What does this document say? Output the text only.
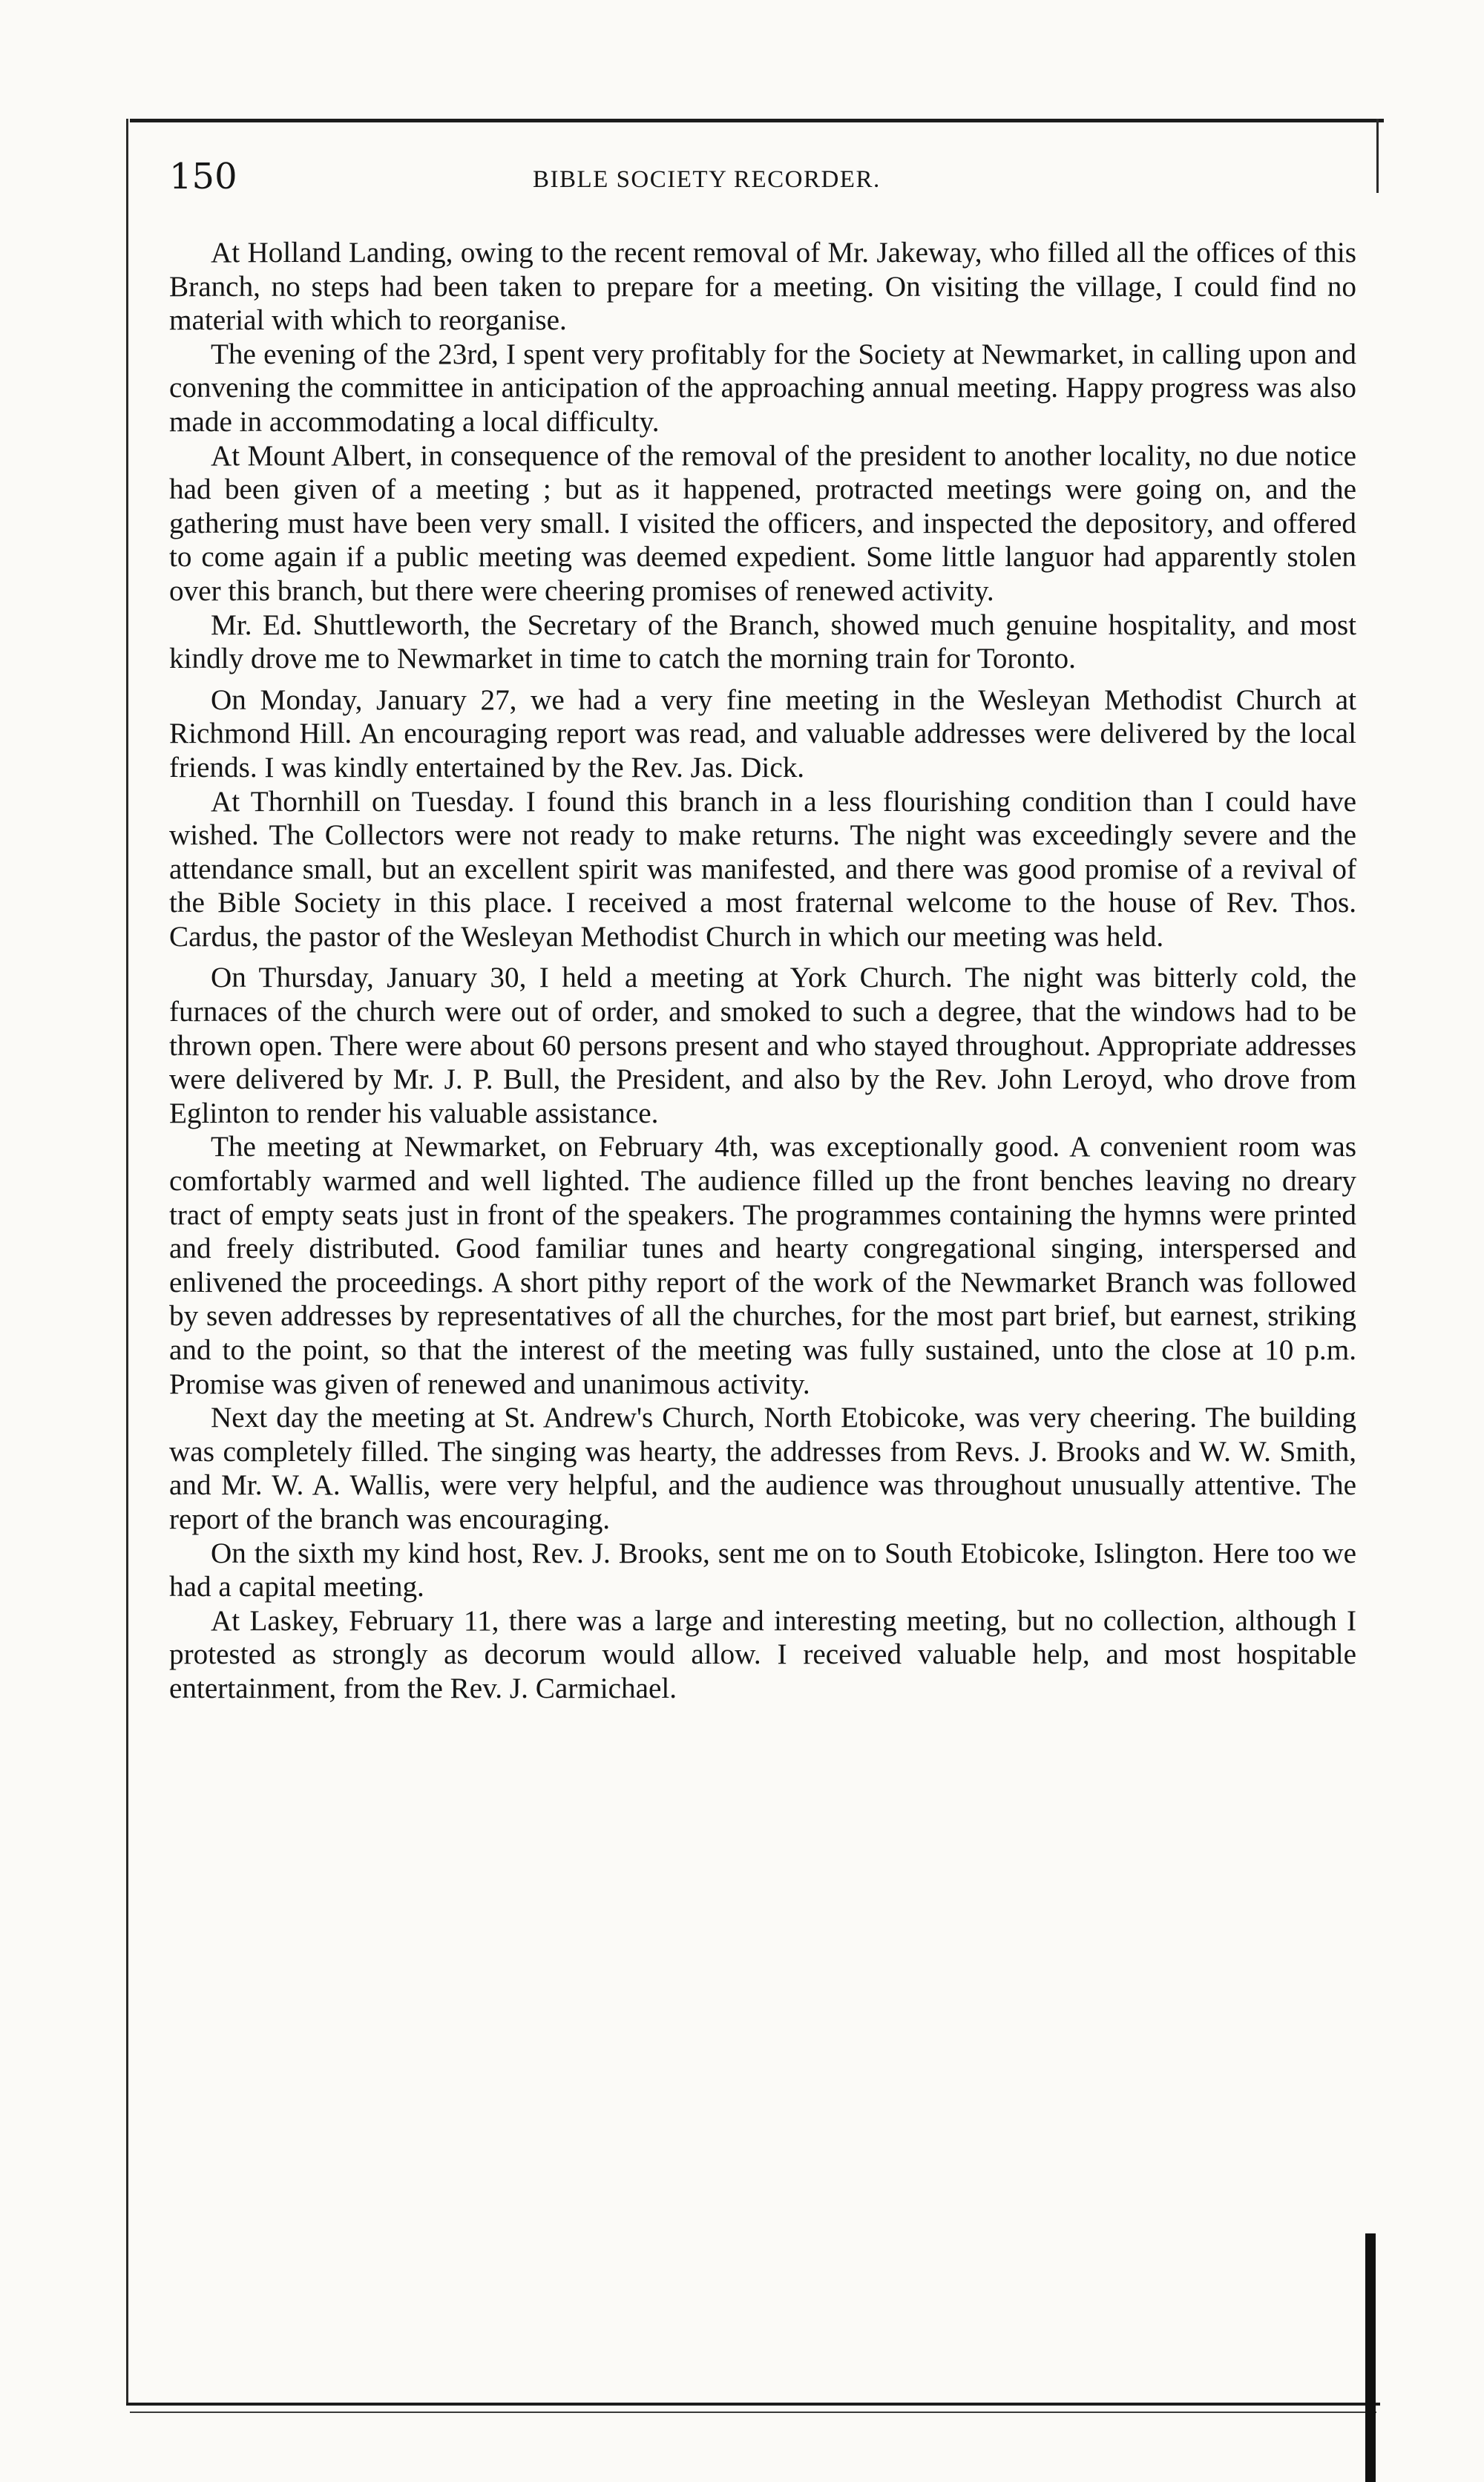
150	BIBLE SOCIETY RECORDER.

At Holland Landing, owing to the recent removal of Mr. Jakeway, who filled all the offices of this Branch, no steps had been taken to prepare for a meeting. On visiting the village, I could find no material with which to reorganise.

The evening of the 23rd, I spent very profitably for the Society at Newmarket, in calling upon and convening the committee in anticipation of the approaching annual meeting. Happy progress was also made in accommodating a local difficulty.

At Mount Albert, in consequence of the removal of the president to another locality, no due notice had been given of a meeting ; but as it happened, protracted meetings were going on, and the gathering must have been very small. I visited the officers, and inspected the depository, and offered to come again if a public meeting was deemed expedient. Some little languor had apparently stolen over this branch, but there were cheering promises of renewed activity.

Mr. Ed. Shuttleworth, the Secretary of the Branch, showed much genuine hospitality, and most kindly drove me to Newmarket in time to catch the morning train for Toronto.

On Monday, January 27, we had a very fine meeting in the Wesleyan Methodist Church at Richmond Hill. An encouraging report was read, and valuable addresses were delivered by the local friends. I was kindly entertained by the Rev. Jas. Dick.

At Thornhill on Tuesday. I found this branch in a less flourishing condition than I could have wished. The Collectors were not ready to make returns. The night was exceedingly severe and the attendance small, but an excellent spirit was manifested, and there was good promise of a revival of the Bible Society in this place. I received a most fraternal welcome to the house of Rev. Thos. Cardus, the pastor of the Wesleyan Methodist Church in which our meeting was held.

On Thursday, January 30, I held a meeting at York Church. The night was bitterly cold, the furnaces of the church were out of order, and smoked to such a degree, that the windows had to be thrown open. There were about 60 persons present and who stayed throughout. Appropriate addresses were delivered by Mr. J. P. Bull, the President, and also by the Rev. John Leroyd, who drove from Eglinton to render his valuable assistance.

The meeting at Newmarket, on February 4th, was exceptionally good. A convenient room was comfortably warmed and well lighted. The audience filled up the front benches leaving no dreary tract of empty seats just in front of the speakers. The programmes containing the hymns were printed and freely distributed. Good familiar tunes and hearty congregational singing, interspersed and enlivened the proceedings. A short pithy report of the work of the Newmarket Branch was followed by seven addresses by representatives of all the churches, for the most part brief, but earnest, striking and to the point, so that the interest of the meeting was fully sustained, unto the close at 10 p.m. Promise was given of renewed and unanimous activity.

Next day the meeting at St. Andrew's Church, North Etobicoke, was very cheering. The building was completely filled. The singing was hearty, the addresses from Revs. J. Brooks and W. W. Smith, and Mr. W. A. Wallis, were very helpful, and the audience was throughout unusually attentive. The report of the branch was encouraging.

On the sixth my kind host, Rev. J. Brooks, sent me on to South Etobicoke, Islington. Here too we had a capital meeting.

At Laskey, February 11, there was a large and interesting meeting, but no collection, although I protested as strongly as decorum would allow. I received valuable help, and most hospitable entertainment, from the Rev. J. Carmichael.
